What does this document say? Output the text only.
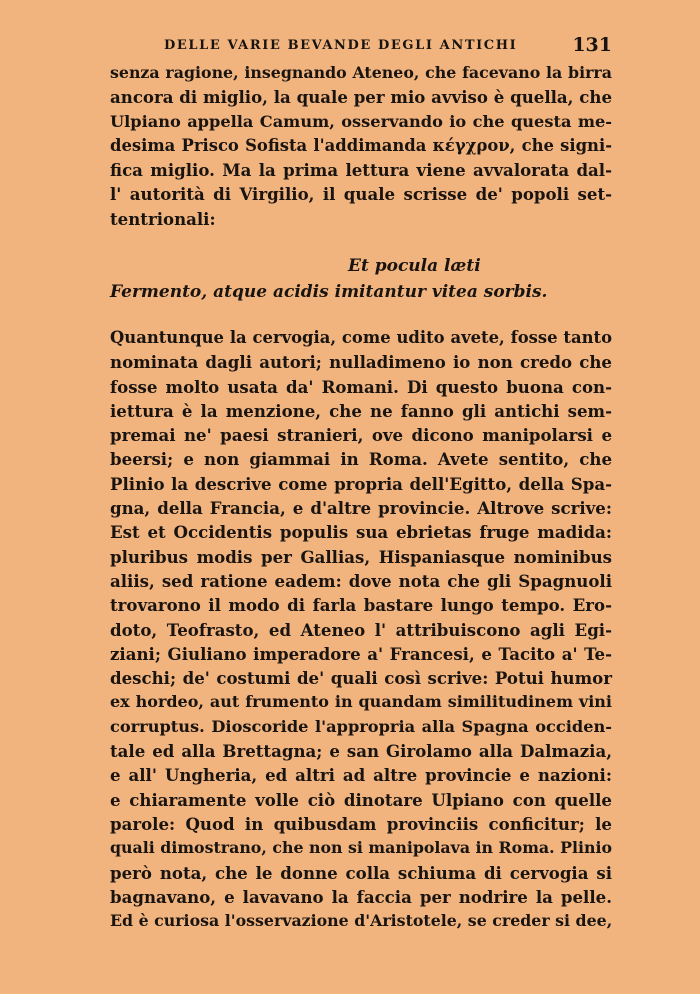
DELLE VARIE BEVANDE DEGLI ANTICHI	131
senza ragione, insegnando Ateneo, che facevano la birra
ancora di miglio, la quale per mio avviso è quella, che
Ulpiano appella Camum, osservando io che questa me-
desima Prisco Sofista l'addimanda κέγχρον, che signi-
fica miglio. Ma la prima lettura viene avvalorata dal-
l' autorità di Virgilio, il quale scrisse de' popoli set-
tentrionali:
Et pocula læti
Fermento, atque acidis imitantur vitea sorbis.
Quantunque la cervogia, come udito avete, fosse tanto
nominata dagli autori; nulladimeno io non credo che
fosse molto usata da' Romani. Di questo buona con-
iettura è la menzione, che ne fanno gli antichi sem-
premai ne' paesi stranieri, ove dicono manipolarsi e
beersi; e non giammai in Roma. Avete sentito, che
Plinio la descrive come propria dell'Egitto, della Spa-
gna, della Francia, e d'altre provincie. Altrove scrive:
Est et Occidentis populis sua ebrietas fruge madida:
pluribus modis per Gallias, Hispaniasque nominibus
aliis, sed ratione eadem: dove nota che gli Spagnuoli
trovarono il modo di farla bastare lungo tempo. Ero-
doto, Teofrasto, ed Ateneo l' attribuiscono agli Egi-
ziani; Giuliano imperadore a' Francesi, e Tacito a' Te-
deschi; de' costumi de' quali così scrive: Potui humor
ex hordeo, aut frumento in quandam similitudinem vini
corruptus. Dioscoride l'appropria alla Spagna occiden-
tale ed alla Brettagna; e san Girolamo alla Dalmazia,
e all' Ungheria, ed altri ad altre provincie e nazioni:
e chiaramente volle ciò dinotare Ulpiano con quelle
parole: Quod in quibusdam provinciis conficitur; le
quali dimostrano, che non si manipolava in Roma. Plinio
però nota, che le donne colla schiuma di cervogia si
bagnavano, e lavavano la faccia per nodrire la pelle.
Ed è curiosa l'osservazione d'Aristotele, se creder si dee,
